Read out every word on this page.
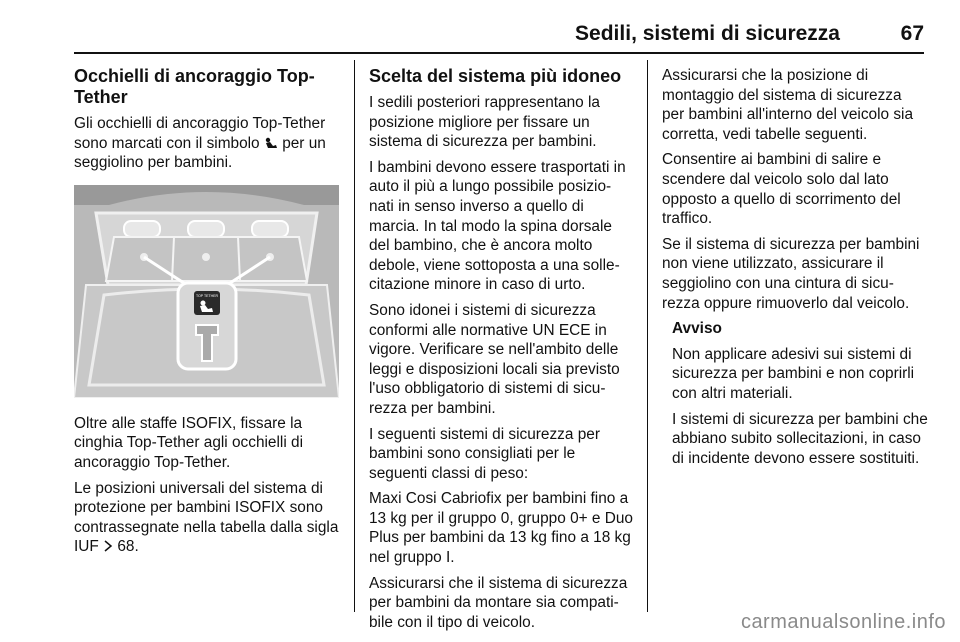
Sedili, sistemi di sicurezza	67
Occhielli di ancoraggio Top-Tether

Gli occhielli di ancoraggio Top-Tether sono marcati con il simbolo per un seggiolino per bambini.

TOP TETHER

Oltre alle staffe ISOFIX, fissare la cinghia Top-Tether agli occhielli di ancoraggio Top-Tether.

Le posizioni universali del sistema di protezione per bambini ISOFIX sono contrassegnate nella tabella dalla sigla IUF 68.

Scelta del sistema più idoneo

I sedili posteriori rappresentano la posizione migliore per fissare un sistema di sicurezza per bambini.

I bambini devono essere trasportati in auto il più a lungo possibile posizio-nati in senso inverso a quello di marcia. In tal modo la spina dorsale del bambino, che è ancora molto debole, viene sottoposta a una solle-citazione minore in caso di urto.

Sono idonei i sistemi di sicurezza conformi alle normative UN ECE in vigore. Verificare se nell'ambito delle leggi e disposizioni locali sia previsto l'uso obbligatorio di sistemi di sicu-rezza per bambini.

I seguenti sistemi di sicurezza per bambini sono consigliati per le seguenti classi di peso:

Maxi Cosi Cabriofix per bambini fino a 13 kg per il gruppo 0, gruppo 0+ e Duo Plus per bambini da 13 kg fino a 18 kg nel gruppo I.

Assicurarsi che il sistema di sicurezza per bambini da montare sia compati-bile con il tipo di veicolo.

Assicurarsi che la posizione di montaggio del sistema di sicurezza per bambini all'interno del veicolo sia corretta, vedi tabelle seguenti.

Consentire ai bambini di salire e scendere dal veicolo solo dal lato opposto a quello di scorrimento del traffico.

Se il sistema di sicurezza per bambini non viene utilizzato, assicurare il seggiolino con una cintura di sicu-rezza oppure rimuoverlo dal veicolo.

Avviso

Non applicare adesivi sui sistemi di sicurezza per bambini e non coprirli con altri materiali.

I sistemi di sicurezza per bambini che abbiano subito sollecitazioni, in caso di incidente devono essere sostituiti.

carmanualsonline.info
